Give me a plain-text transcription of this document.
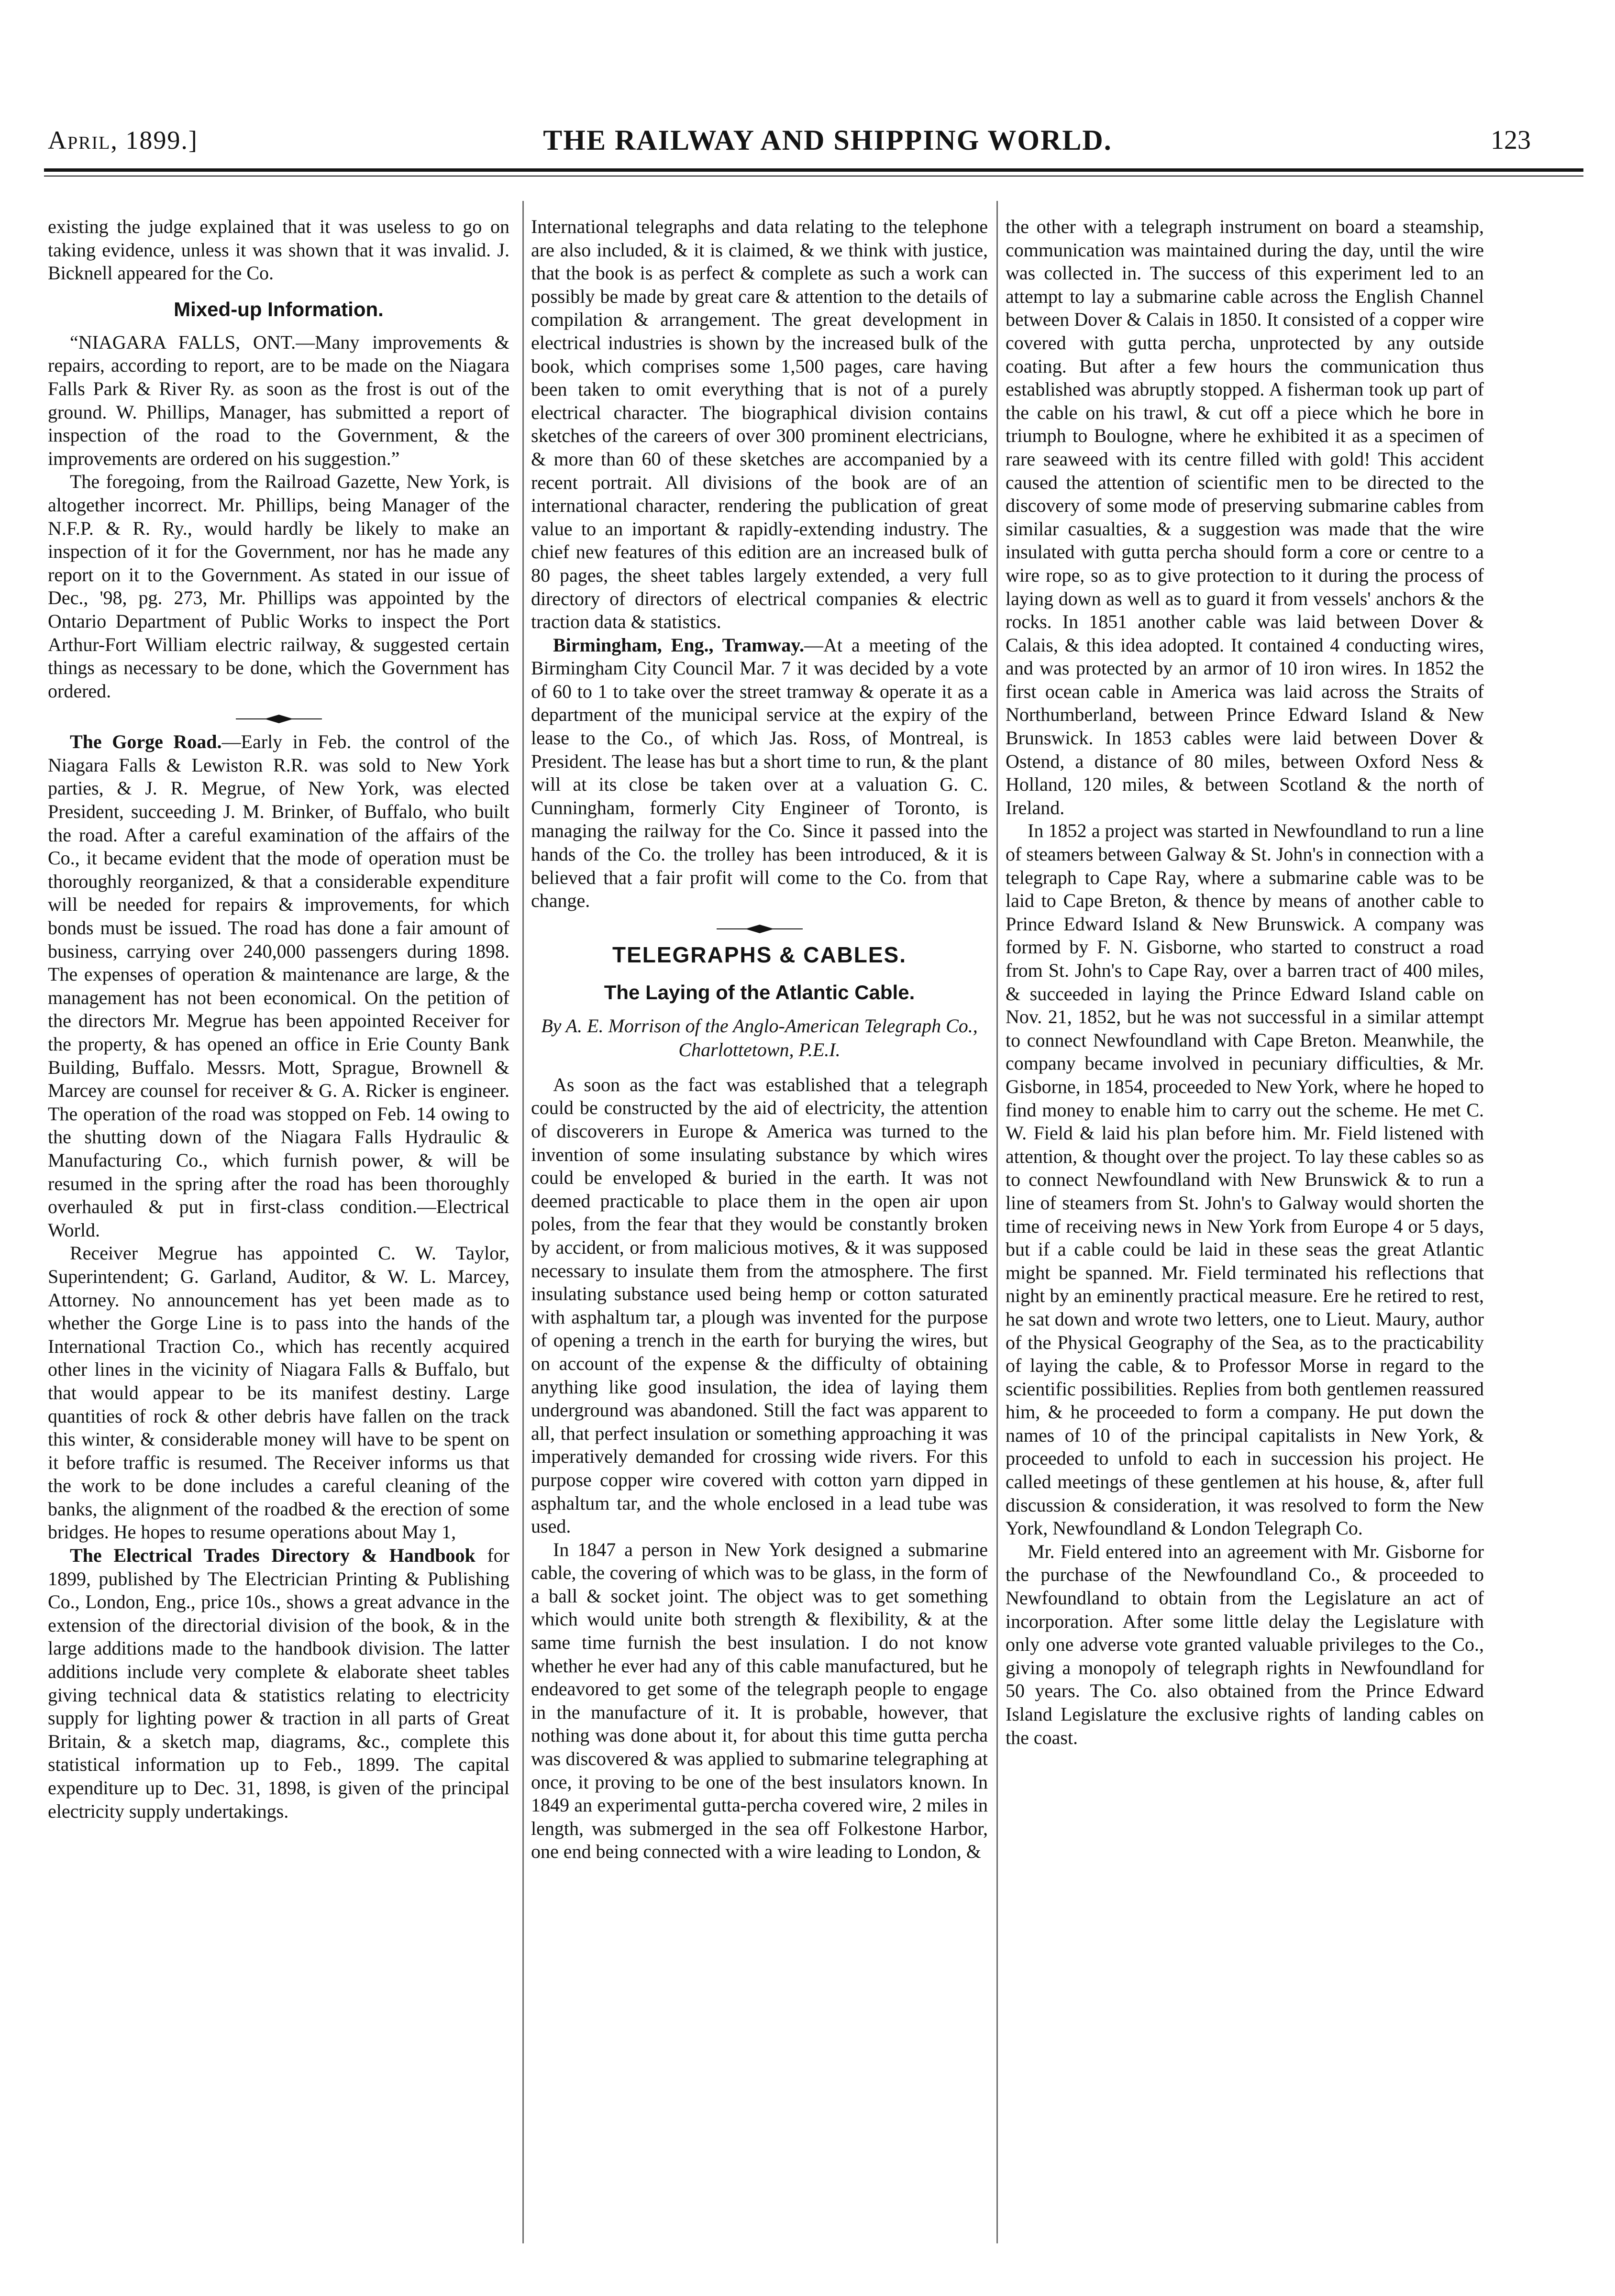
April, 1899.]	THE RAILWAY AND SHIPPING WORLD.	123

existing the judge explained that it was useless to go on taking evidence, unless it was shown that it was invalid. J. Bicknell appeared for the Co.

Mixed-up Information.

“NIAGARA FALLS, ONT.—Many improvements & repairs, according to report, are to be made on the Niagara Falls Park & River Ry. as soon as the frost is out of the ground. W. Phillips, Manager, has submitted a report of inspection of the road to the Government, & the improvements are ordered on his suggestion.”

The foregoing, from the Railroad Gazette, New York, is altogether incorrect. Mr. Phillips, being Manager of the N.F.P. & R. Ry., would hardly be likely to make an inspection of it for the Government, nor has he made any report on it to the Government. As stated in our issue of Dec., '98, pg. 273, Mr. Phillips was appointed by the Ontario Department of Public Works to inspect the Port Arthur-Fort William electric railway, & suggested certain things as necessary to be done, which the Government has ordered.

The Gorge Road.—Early in Feb. the control of the Niagara Falls & Lewiston R.R. was sold to New York parties, & J. R. Megrue, of New York, was elected President, succeeding J. M. Brinker, of Buffalo, who built the road. After a careful examination of the affairs of the Co., it became evident that the mode of operation must be thoroughly reorganized, & that a considerable expenditure will be needed for repairs & improvements, for which bonds must be issued. The road has done a fair amount of business, carrying over 240,000 passengers during 1898. The expenses of operation & maintenance are large, & the management has not been economical. On the petition of the directors Mr. Megrue has been appointed Receiver for the property, & has opened an office in Erie County Bank Building, Buffalo. Messrs. Mott, Sprague, Brownell & Marcey are counsel for receiver & G. A. Ricker is engineer. The operation of the road was stopped on Feb. 14 owing to the shutting down of the Niagara Falls Hydraulic & Manufacturing Co., which furnish power, & will be resumed in the spring after the road has been thoroughly overhauled & put in first-class condition.—Electrical World.

Receiver Megrue has appointed C. W. Taylor, Superintendent; G. Garland, Auditor, & W. L. Marcey, Attorney. No announcement has yet been made as to whether the Gorge Line is to pass into the hands of the International Traction Co., which has recently acquired other lines in the vicinity of Niagara Falls & Buffalo, but that would appear to be its manifest destiny. Large quantities of rock & other debris have fallen on the track this winter, & considerable money will have to be spent on it before traffic is resumed. The Receiver informs us that the work to be done includes a careful cleaning of the banks, the alignment of the roadbed & the erection of some bridges. He hopes to resume operations about May 1,

The Electrical Trades Directory & Handbook for 1899, published by The Electrician Printing & Publishing Co., London, Eng., price 10s., shows a great advance in the extension of the directorial division of the book, & in the large additions made to the handbook division. The latter additions include very complete & elaborate sheet tables giving technical data & statistics relating to electricity supply for lighting power & traction in all parts of Great Britain, & a sketch map, diagrams, &c., complete this statistical information up to Feb., 1899. The capital expenditure up to Dec. 31, 1898, is given of the principal electricity supply undertakings.

International telegraphs and data relating to the telephone are also included, & it is claimed, & we think with justice, that the book is as perfect & complete as such a work can possibly be made by great care & attention to the details of compilation & arrangement. The great development in electrical industries is shown by the increased bulk of the book, which comprises some 1,500 pages, care having been taken to omit everything that is not of a purely electrical character. The biographical division contains sketches of the careers of over 300 prominent electricians, & more than 60 of these sketches are accompanied by a recent portrait. All divisions of the book are of an international character, rendering the publication of great value to an important & rapidly-extending industry. The chief new features of this edition are an increased bulk of 80 pages, the sheet tables largely extended, a very full directory of directors of electrical companies & electric traction data & statistics.

Birmingham, Eng., Tramway.—At a meeting of the Birmingham City Council Mar. 7 it was decided by a vote of 60 to 1 to take over the street tramway & operate it as a department of the municipal service at the expiry of the lease to the Co., of which Jas. Ross, of Montreal, is President. The lease has but a short time to run, & the plant will at its close be taken over at a valuation G. C. Cunningham, formerly City Engineer of Toronto, is managing the railway for the Co. Since it passed into the hands of the Co. the trolley has been introduced, & it is believed that a fair profit will come to the Co. from that change.

TELEGRAPHS & CABLES.
The Laying of the Atlantic Cable.
By A. E. Morrison of the Anglo-American Telegraph Co., Charlottetown, P.E.I.

As soon as the fact was established that a telegraph could be constructed by the aid of electricity, the attention of discoverers in Europe & America was turned to the invention of some insulating substance by which wires could be enveloped & buried in the earth. It was not deemed practicable to place them in the open air upon poles, from the fear that they would be constantly broken by accident, or from malicious motives, & it was supposed necessary to insulate them from the atmosphere. The first insulating substance used being hemp or cotton saturated with asphaltum tar, a plough was invented for the purpose of opening a trench in the earth for burying the wires, but on account of the expense & the difficulty of obtaining anything like good insulation, the idea of laying them underground was abandoned. Still the fact was apparent to all, that perfect insulation or something approaching it was imperatively demanded for crossing wide rivers. For this purpose copper wire covered with cotton yarn dipped in asphaltum tar, and the whole enclosed in a lead tube was used.

In 1847 a person in New York designed a submarine cable, the covering of which was to be glass, in the form of a ball & socket joint. The object was to get something which would unite both strength & flexibility, & at the same time furnish the best insulation. I do not know whether he ever had any of this cable manufactured, but he endeavored to get some of the telegraph people to engage in the manufacture of it. It is probable, however, that nothing was done about it, for about this time gutta percha was discovered & was applied to submarine telegraphing at once, it proving to be one of the best insulators known. In 1849 an experimental gutta-percha covered wire, 2 miles in length, was submerged in the sea off Folkestone Harbor, one end being connected with a wire leading to London, &

the other with a telegraph instrument on board a steamship, communication was maintained during the day, until the wire was collected in. The success of this experiment led to an attempt to lay a submarine cable across the English Channel between Dover & Calais in 1850. It consisted of a copper wire covered with gutta percha, unprotected by any outside coating. But after a few hours the communication thus established was abruptly stopped. A fisherman took up part of the cable on his trawl, & cut off a piece which he bore in triumph to Boulogne, where he exhibited it as a specimen of rare seaweed with its centre filled with gold! This accident caused the attention of scientific men to be directed to the discovery of some mode of preserving submarine cables from similar casualties, & a suggestion was made that the wire insulated with gutta percha should form a core or centre to a wire rope, so as to give protection to it during the process of laying down as well as to guard it from vessels' anchors & the rocks. In 1851 another cable was laid between Dover & Calais, & this idea adopted. It contained 4 conducting wires, and was protected by an armor of 10 iron wires. In 1852 the first ocean cable in America was laid across the Straits of Northumberland, between Prince Edward Island & New Brunswick. In 1853 cables were laid between Dover & Ostend, a distance of 80 miles, between Oxford Ness & Holland, 120 miles, & between Scotland & the north of Ireland.

In 1852 a project was started in Newfoundland to run a line of steamers between Galway & St. John's in connection with a telegraph to Cape Ray, where a submarine cable was to be laid to Cape Breton, & thence by means of another cable to Prince Edward Island & New Brunswick. A company was formed by F. N. Gisborne, who started to construct a road from St. John's to Cape Ray, over a barren tract of 400 miles, & succeeded in laying the Prince Edward Island cable on Nov. 21, 1852, but he was not successful in a similar attempt to connect Newfoundland with Cape Breton. Meanwhile, the company became involved in pecuniary difficulties, & Mr. Gisborne, in 1854, proceeded to New York, where he hoped to find money to enable him to carry out the scheme. He met C. W. Field & laid his plan before him. Mr. Field listened with attention, & thought over the project. To lay these cables so as to connect Newfoundland with New Brunswick & to run a line of steamers from St. John's to Galway would shorten the time of receiving news in New York from Europe 4 or 5 days, but if a cable could be laid in these seas the great Atlantic might be spanned. Mr. Field terminated his reflections that night by an eminently practical measure. Ere he retired to rest, he sat down and wrote two letters, one to Lieut. Maury, author of the Physical Geography of the Sea, as to the practicability of laying the cable, & to Professor Morse in regard to the scientific possibilities. Replies from both gentlemen reassured him, & he proceeded to form a company. He put down the names of 10 of the principal capitalists in New York, & proceeded to unfold to each in succession his project. He called meetings of these gentlemen at his house, &, after full discussion & consideration, it was resolved to form the New York, Newfoundland & London Telegraph Co.

Mr. Field entered into an agreement with Mr. Gisborne for the purchase of the Newfoundland Co., & proceeded to Newfoundland to obtain from the Legislature an act of incorporation. After some little delay the Legislature with only one adverse vote granted valuable privileges to the Co., giving a monopoly of telegraph rights in Newfoundland for 50 years. The Co. also obtained from the Prince Edward Island Legislature the exclusive rights of landing cables on the coast.
